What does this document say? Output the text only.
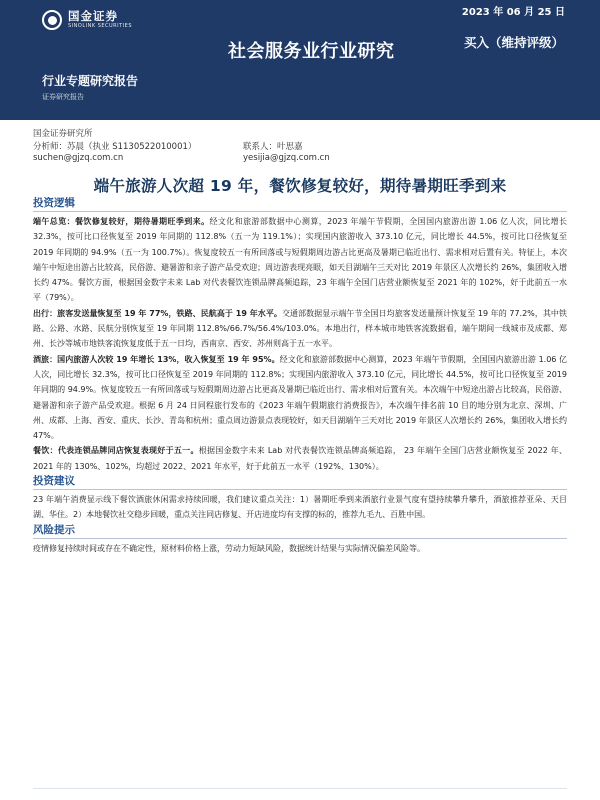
国金证券
SINOLINK SECURITIES
2023 年 06 月 25 日
社会服务业行业研究	买入（维持评级）
行业专题研究报告
证券研究报告
国金证券研究所
分析师：苏晨（执业 S1130522010001）	联系人：叶思嘉
suchen@gjzq.com.cn	yesijia@gjzq.com.cn
端午旅游人次超 19 年，餐饮修复较好，期待暑期旺季到来
投资逻辑

端午总览：餐饮修复较好，期待暑期旺季到来。经文化和旅游部数据中心测算，2023 年端午节假期，全国国内旅游出游 1.06 亿人次，同比增长 32.3%，按可比口径恢复至 2019 年同期的 112.8%（五一为 119.1%）；实现国内旅游收入 373.10 亿元，同比增长 44.5%，按可比口径恢复至 2019 年同期的 94.9%（五一为 100.7%）。恢复度较五一有所回落或与短假期周边游占比更高及暑期已临近出行、需求相对后置有关。特征上，本次端午中短途出游占比较高，民俗游、避暑游和亲子游产品受欢迎；周边游表现亮眼，如天目湖端午三天对比 2019 年景区人次增长约 26%，集团收入增长约 47%。餐饮方面，根据国金数字未来 Lab 对代表餐饮连锁品牌高频追踪，23 年端午全国门店营业额恢复至 2021 年的 102%，好于此前五一水平（79%）。

出行：旅客发送量恢复至 19 年 77%，铁路、民航高于 19 年水平。交通部数据显示端午节全国日均旅客发送量预计恢复至 19 年的 77.2%，其中铁路、公路、水路、民航分别恢复至 19 年同期 112.8%/66.7%/56.4%/103.0%。本地出行，样本城市地铁客流数据看，端午期间一线城市及成都、郑州、长沙等城市地铁客流恢复度低于五一日均，西南京、西安、苏州则高于五一水平。

酒旅：国内旅游人次较 19 年增长 13%，收入恢复至 19 年 95%。经文化和旅游部数据中心测算，2023 年端午节假期，全国国内旅游出游 1.06 亿人次，同比增长 32.3%，按可比口径恢复至 2019 年同期的 112.8%；实现国内旅游收入 373.10 亿元，同比增长 44.5%，按可比口径恢复至 2019 年同期的 94.9%。恢复度较五一有所回落或与短假期周边游占比更高及暑期已临近出行、需求相对后置有关。本次端午中短途出游占比较高，民俗游、避暑游和亲子游产品受欢迎。根据 6 月 24 日同程旅行发布的《2023 年端午假期旅行消费报告》，本次端午排名前 10 目的地分别为北京、深圳、广州、成都、上海、西安、重庆、长沙、青岛和杭州；重点周边游景点表现较好，如天目湖端午三天对比 2019 年景区人次增长约 26%，集团收入增长约 47%。

餐饮：代表连锁品牌同店恢复表现好于五一。根据国金数字未来 Lab 对代表餐饮连锁品牌高频追踪， 23 年端午全国门店营业额恢复至 2022 年、2021 年的 130%、102%，均超过 2022、2021 年水平，好于此前五一水平（192%、130%）。

投资建议

23 年端午消费显示线下餐饮酒旅休闲需求持续回暖，我们建议重点关注：1）暑期旺季到来酒旅行业景气度有望持续攀升攀升，酒旅推荐亚朵、天目湖、华住。2）本地餐饮社交稳步回暖，重点关注同店修复、开店进度均有支撑的标的，推荐九毛九、百胜中国。

风险提示

疫情修复持续时间或存在不确定性，原材料价格上涨，劳动力短缺风险，数据统计结果与实际情况偏差风险等。
